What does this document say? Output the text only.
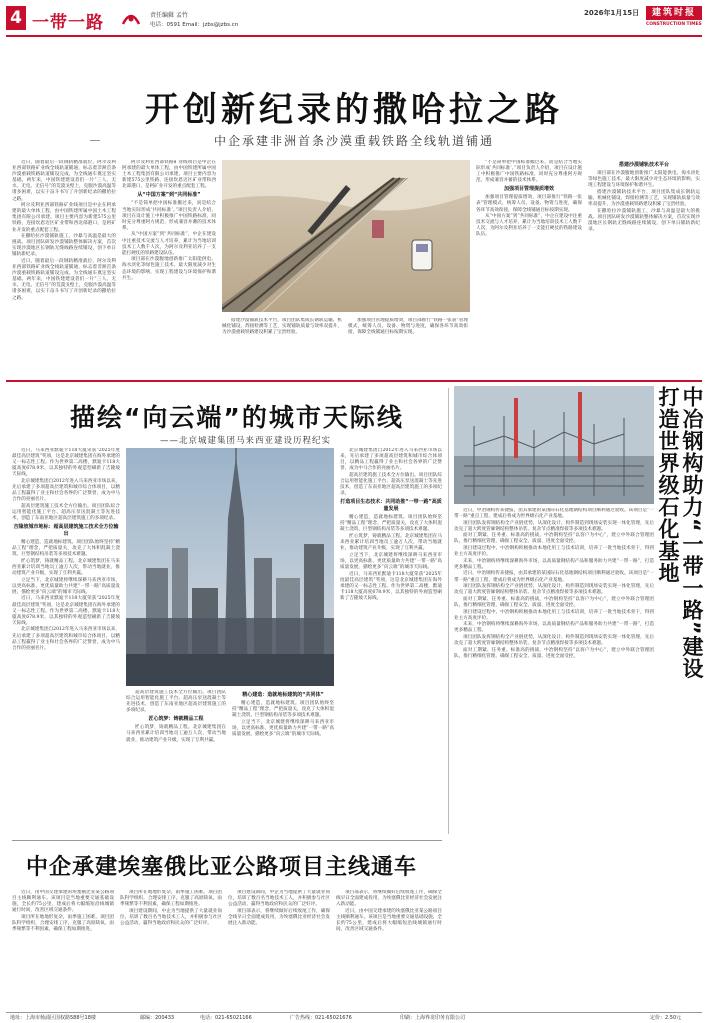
4 一带一路	责任编辑 孟竹
电话：0591 Email：jzbs@jzbs.cn
2026年1月15日	建筑时报
CONSTRUCTION TIMES
开创新纪录的撒哈拉之路
中企承建非洲首条沙漠重载铁路全线轨道铺通

近日，随着最后一段钢轨精准就位，阿尔及利亚西部铁路矿业线全线轨道铺通，标志着非洲首条沙漠重载铁路轨道铺设完成，为全线通车奠定坚实基础。两年来，中国铁建建设者们一片“三人、无水、无电、无信号”的荒漠戈壁上，克服沙漠高温等诸多困难，以实干奋斗书写了开创新纪录的撒哈拉之路。

阿尔及利亚西部铁路矿业线项目是中企在阿承建的最大单体工程，由中国铁建所属中国土木工程集团有限公司承建。项目主要内容为新建575公里铁路，连接坎恩迈区矿业带和西北部港口，是阿矿业开发的重点配套工程。

在撒哈拉沙漠铺轨施工，沙暴与高温是最大的挑战。项目团队研发沙漠铺轨整体解决方案，首次实现沙漠地区长钢轨无缝线路连续铺设，创下单日铺轨新纪录。

近日，随着最后一段钢轨精准就位，阿尔及利亚西部铁路矿业线全线轨道铺通，标志着非洲首条沙漠重载铁路轨道铺设完成，为全线通车奠定坚实基础。两年来，中国铁建建设者们一片“三人、无水、无电、无信号”的荒漠戈壁上，克服沙漠高温等诸多困难，以实干奋斗书写了开创新纪录的撒哈拉之路。

阿尔及利亚西部铁路矿业线项目是中企在阿承建的最大单体工程，由中国铁建所属中国土木工程集团有限公司承建。项目主要内容为新建575公里铁路，连接坎恩迈区矿业带和西北部港口，是阿矿业开发的重点配套工程。

从“中国方案”到“共同标准”

“不是简单把中国标准搬过来，而是结合当地实际形成‘共同标准’。”项目负责人介绍，项目在设计施工中积极推广中国铁路标准，同时充分尊重阿方规范，形成兼容并蓄的技术体系。

从“中国方案”到“共同标准”，中企在建设中注重技术交流与人才培养，累计为当地培训技术工人数千人次，为阿尔及利亚培养了一支能打硬仗的铁路建设队伍。

项目部在沙漠腹地创新推广太阳能供电、海水淡化等绿色施工技术，最大限度减少对生态环境的影响，实现工程建设与环境保护和谐共生。

搭建沙漠铺轨技术平台，项目团队集成长钢轨运输、机械化铺设、焊接检测等工艺，实现铺轨质量与效率双提升，为沙漠重载铁路建设积累了宝贵经验。

加强项目管理提质增效，项目部推行“铁路一张表”管理模式，统筹人员、设备、物资与进度，确保各环节高效衔接，保障全线铺通目标按期实现。

“不是简单把中国标准搬过来，而是结合当地实际形成‘共同标准’。”项目负责人介绍，项目在设计施工中积极推广中国铁路标准，同时充分尊重阿方规范，形成兼容并蓄的技术体系。

加强项目管理提质增效

加强项目管理提质增效，项目部推行“铁路一张表”管理模式，统筹人员、设备、物资与进度，确保各环节高效衔接，保障全线铺通目标按期实现。

从“中国方案”到“共同标准”，中企在建设中注重技术交流与人才培养，累计为当地培训技术工人数千人次，为阿尔及利亚培养了一支能打硬仗的铁路建设队伍。

搭建沙漠铺轨技术平台

项目部在沙漠腹地创新推广太阳能供电、海水淡化等绿色施工技术，最大限度减少对生态环境的影响，实现工程建设与环境保护和谐共生。

搭建沙漠铺轨技术平台，项目团队集成长钢轨运输、机械化铺设、焊接检测等工艺，实现铺轨质量与效率双提升，为沙漠重载铁路建设积累了宝贵经验。

在撒哈拉沙漠铺轨施工，沙暴与高温是最大的挑战。项目团队研发沙漠铺轨整体解决方案，首次实现沙漠地区长钢轨无缝线路连续铺设，创下单日铺轨新纪录。

描绘“向云端”的城市天际线
——北京城建集团马来西亚建设历程纪实

近日，马来西亚默迪卡118大厦荣获“2025年度最佳高层建筑”奖项，这是北京城建集团在海外承建的又一标志性工程。作为世界第二高楼，默迪卡118大厦高度678.9米，以其独特的外观造型刷新了吉隆坡天际线。

北京城建集团自2012年进入马来西亚市场以来，先后承建了多项超高层建筑和城市综合体项目，以精品工程赢得了业主和社会各界的广泛赞誉，成为中马合作的亮丽名片。

超高层建筑施工技术全方位输出。项目团队综合运用智能化施工平台、超高压泵送混凝土等先进技术，创造了东南亚地区超高层建筑施工的多项纪录。

吉隆坡城市地标：超高层建筑施工技术全方位输出

精心建造，造就地标建筑。项目团队始终坚持“精品工程”理念，严把质量关，攻克了大体积混凝土浇筑、巨型钢结构吊装等多项技术难题。

匠心筑梦，铸就精品工程。北京城建集团在马来西亚累计培训当地员工逾万人次，带动当地就业，推动建筑产业升级，实现了互利共赢。

立足当下，北京城建将继续深耕马来西亚市场，以更高标准、更优质量助力共建“一带一路”高质量发展，描绘更多“向云端”的城市天际线。

近日，马来西亚默迪卡118大厦荣获“2025年度最佳高层建筑”奖项，这是北京城建集团在海外承建的又一标志性工程。作为世界第二高楼，默迪卡118大厦高度678.9米，以其独特的外观造型刷新了吉隆坡天际线。

北京城建集团自2012年进入马来西亚市场以来，先后承建了多项超高层建筑和城市综合体项目，以精品工程赢得了业主和社会各界的广泛赞誉，成为中马合作的亮丽名片。

超高层建筑施工技术全方位输出。项目团队综合运用智能化施工平台、超高压泵送混凝土等先进技术，创造了东南亚地区超高层建筑施工的多项纪录。

匠心筑梦：铸就精品工程

匠心筑梦，铸就精品工程。北京城建集团在马来西亚累计培训当地员工逾万人次，带动当地就业，推动建筑产业升级，实现了互利共赢。

精心建造：造就地标建筑的“共同体”

精心建造，造就地标建筑。项目团队始终坚持“精品工程”理念，严把质量关，攻克了大体积混凝土浇筑、巨型钢结构吊装等多项技术难题。

立足当下，北京城建将继续深耕马来西亚市场，以更高标准、更优质量助力共建“一带一路”高质量发展，描绘更多“向云端”的城市天际线。

北京城建集团自2012年进入马来西亚市场以来，先后承建了多项超高层建筑和城市综合体项目，以精品工程赢得了业主和社会各界的广泛赞誉，成为中马合作的亮丽名片。

超高层建筑施工技术全方位输出。项目团队综合运用智能化施工平台、超高压泵送混凝土等先进技术，创造了东南亚地区超高层建筑施工的多项纪录。

打造项目生态技术：共同助推“一带一路”高质量发展

精心建造，造就地标建筑。项目团队始终坚持“精品工程”理念，严把质量关，攻克了大体积混凝土浇筑、巨型钢结构吊装等多项技术难题。

匠心筑梦，铸就精品工程。北京城建集团在马来西亚累计培训当地员工逾万人次，带动当地就业，推动建筑产业升级，实现了互利共赢。

立足当下，北京城建将继续深耕马来西亚市场，以更高标准、更优质量助力共建“一带一路”高质量发展，描绘更多“向云端”的城市天际线。

近日，马来西亚默迪卡118大厦荣获“2025年度最佳高层建筑”奖项，这是北京城建集团在海外承建的又一标志性工程。作为世界第二高楼，默迪卡118大厦高度678.9米，以其独特的外观造型刷新了吉隆坡天际线。	中冶钢构助力“一带一路”建设 打造世界级石化基地

近日，中冶钢构传来捷报，由其承建的某国际石化基地钢结构项目顺利通过验收。该项目是“一带一路”重点工程，建成后将成为世界级石化产业基地。

项目团队发挥钢结构全产业链优势，从深化设计、构件制造到现场安装实现一体化管理，先后攻克了超大跨度管廊钢结构整体吊装、复杂节点精准焊接等多项技术难题。

面对工期紧、任务重、标准高的挑战，中冶钢构坚持“以客户为中心”，建立中外联合管理团队，推行精细化管理，确保工程安全、质量、进度全面受控。

项目建设过程中，中冶钢构积极推动本地化用工与技术培训，培养了一批当地技术骨干，得到业主方高度评价。

未来，中冶钢构将继续深耕海外市场，以高质量钢结构产品和服务助力共建“一带一路”，打造更多精品工程。

近日，中冶钢构传来捷报，由其承建的某国际石化基地钢结构项目顺利通过验收。该项目是“一带一路”重点工程，建成后将成为世界级石化产业基地。

项目团队发挥钢结构全产业链优势，从深化设计、构件制造到现场安装实现一体化管理，先后攻克了超大跨度管廊钢结构整体吊装、复杂节点精准焊接等多项技术难题。

面对工期紧、任务重、标准高的挑战，中冶钢构坚持“以客户为中心”，建立中外联合管理团队，推行精细化管理，确保工程安全、质量、进度全面受控。

项目建设过程中，中冶钢构积极推动本地化用工与技术培训，培养了一批当地技术骨干，得到业主方高度评价。

未来，中冶钢构将继续深耕海外市场，以高质量钢结构产品和服务助力共建“一带一路”，打造更多精品工程。

项目团队发挥钢结构全产业链优势，从深化设计、构件制造到现场安装实现一体化管理，先后攻克了超大跨度管廊钢结构整体吊装、复杂节点精准焊接等多项技术难题。

面对工期紧、任务重、标准高的挑战，中冶钢构坚持“以客户为中心”，建立中外联合管理团队，推行精细化管理，确保工程安全、质量、进度全面受控。

中企承建埃塞俄比亚公路项目主线通车

近日，由中国交建承建的埃塞俄比亚某公路项目主线顺利通车。该项目是当地重要交通基础设施，全长约75公里，建成后将大幅缩短沿线城镇通行时间，改善区域交通条件。

项目所在地地形复杂，雨季施工困难。项目团队科学组织，合理安排工序，克服了高原缺氧、雨季频繁等不利因素，确保工程如期推进。

项目所在地地形复杂，雨季施工困难。项目团队科学组织，合理安排工序，克服了高原缺氧、雨季频繁等不利因素，确保工程如期推进。

项目建设期间，中企为当地提供了大量就业岗位，培训了数百名当地技术工人，并积极参与社区公益活动，赢得当地政府和民众的广泛好评。

项目建设期间，中企为当地提供了大量就业岗位，培训了数百名当地技术工人，并积极参与社区公益活动，赢得当地政府和民众的广泛好评。

项目部表示，将继续做好后续收尾工作，确保全线早日全面建成投用，为埃塞俄比亚经济社会发展注入新动能。

项目部表示，将继续做好后续收尾工作，确保全线早日全面建成投用，为埃塞俄比亚经济社会发展注入新动能。

近日，由中国交建承建的埃塞俄比亚某公路项目主线顺利通车。该项目是当地重要交通基础设施，全长约75公里，建成后将大幅缩短沿线城镇通行时间，改善区域交通条件。

地址：上海市杨浦区国权路588号18楼	邮编：200433	电话：021-65021166	广告热线：021-65021676	印刷：上海界龙印务有限公司	定价：2.50元
